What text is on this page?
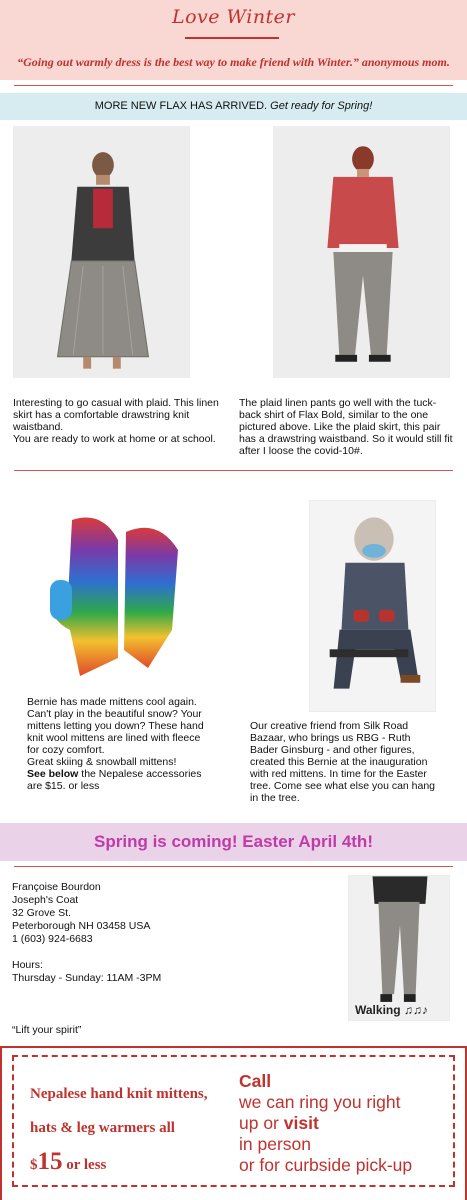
Love Winter
“Going out warmly dress is the best way to make friend with Winter.” anonymous mom.
MORE NEW FLAX HAS ARRIVED. Get ready for Spring!
Interesting to go casual with plaid. This linen
skirt has a comfortable drawstring knit
waistband.
You are ready to work at home or at school.
The plaid linen pants go well with the tuck-
back shirt of Flax Bold, similar to the one
pictured above. Like the plaid skirt, this pair
has a drawstring waistband. So it would still fit
after I loose the covid-10#.
Bernie has made mittens cool again.
Can't play in the beautiful snow? Your
mittens letting you down? These hand
knit wool mittens are lined with fleece
for cozy comfort.
Great skiing & snowball mittens!
See below the Nepalese accessories
are $15. or less
Our creative friend from Silk Road
Bazaar, who brings us RBG - Ruth
Bader Ginsburg - and other figures,
created this Bernie at the inauguration
with red mittens. In time for the Easter
tree. Come see what else you can hang
in the tree.
Spring is coming! Easter April 4th!
Françoise Bourdon
Joseph's Coat
32 Grove St.
Peterborough NH 03458 USA
1 (603) 924-6683
Hours:
Thursday - Sunday: 11AM -3PM
“Lift your spirit”
Walking ♫♫♪
Nepalese hand knit mittens,
hats & leg warmers all
$15 or less
Call
we can ring you right
up or visit
in person
or for curbside pick-up
